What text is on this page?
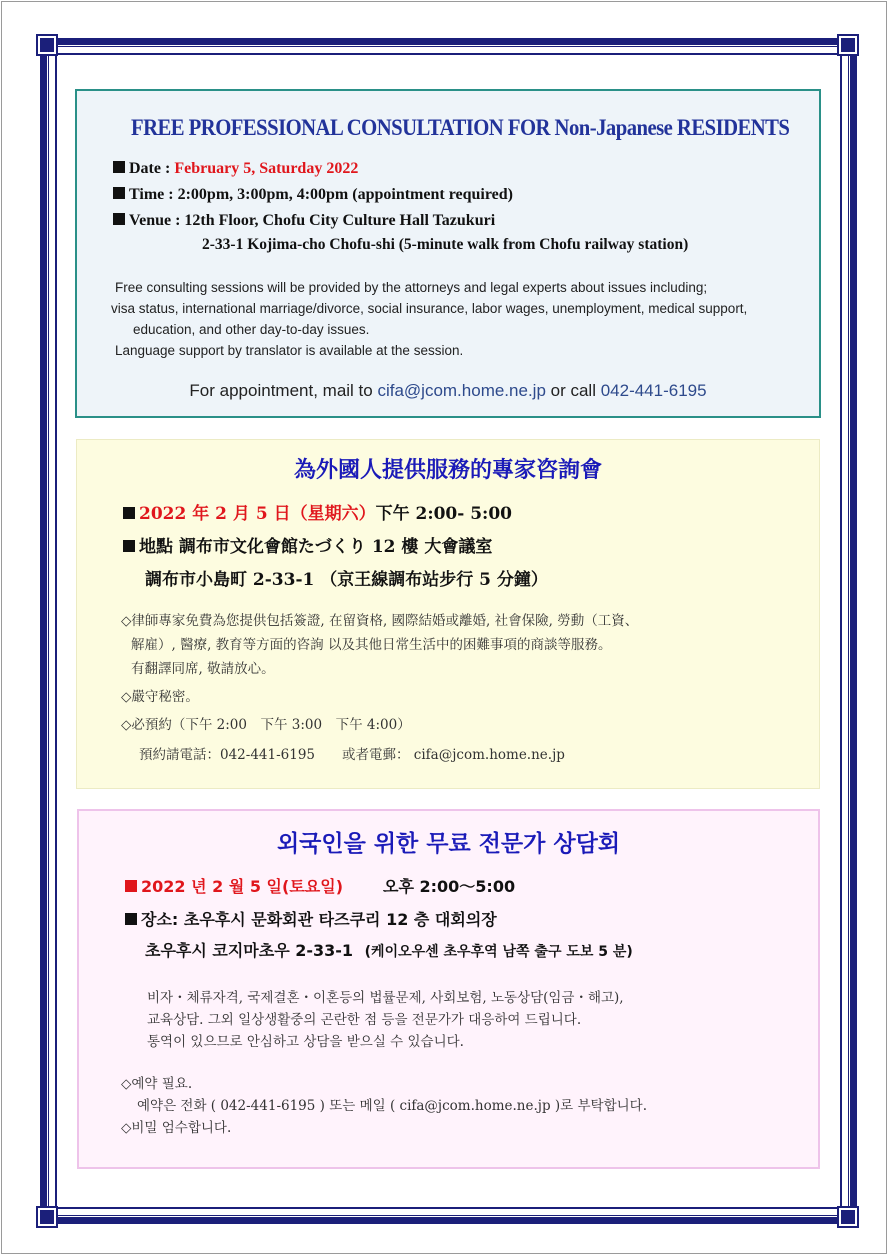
FREE PROFESSIONAL CONSULTATION FOR Non-Japanese RESIDENTS
Date : February 5, Saturday 2022
Time : 2:00pm, 3:00pm, 4:00pm (appointment required)
Venue : 12th Floor, Chofu City Culture Hall Tazukuri
2-33-1 Kojima-cho Chofu-shi (5-minute walk from Chofu railway station)
Free consulting sessions will be provided by the attorneys and legal experts about issues including;
visa status, international marriage/divorce, social insurance, labor wages, unemployment, medical support,

education, and other day-to-day issues.
Language support by translator is available at the session.
For appointment, mail to cifa@jcom.home.ne.jp or call 042-441-6195
為外國人提供服務的專家咨詢會
2022 年 2 月 5 日（星期六）下午 2:00- 5:00
地點 調布市文化會館たづくり 12 樓 大會議室
調布市小島町 2-33-1 （京王線調布站步行 5 分鐘）
◇律師專家免費為您提供包括簽證, 在留資格, 國際結婚或離婚, 社會保險, 勞動（工資、
解雇）, 醫療, 教育等方面的咨詢 以及其他日常生活中的困難事項的商談等服務。
有翻譯同席, 敬請放心。
◇嚴守秘密。
◇必預約（下午 2:00　下午 3:00　下午 4:00）
預約請電話：042-441-6195　　或者電郵： cifa@jcom.home.ne.jp
외국인을 위한 무료 전문가 상담회
2022 년 2 월 5 일(토요일)	오후 2:00～5:00
장소: 초우후시 문화회관 타즈쿠리 12 층 대회의장
초우후시 코지마초우 2-33-1 (케이오우센 초우후역 남쪽 출구 도보 5 분)
비자・체류자격, 국제결혼・이혼등의 법률문제, 사회보험, 노동상담(임금・해고),
교육상담. 그외 일상생활중의 곤란한 점 등을 전문가가 대응하여 드립니다.
통역이 있으므로 안심하고 상담을 받으실 수 있습니다.
◇예약 필요.
예약은 전화 ( 042-441-6195 ) 또는 메일 ( cifa@jcom.home.ne.jp )로 부탁합니다.
◇비밀 엄수합니다.
